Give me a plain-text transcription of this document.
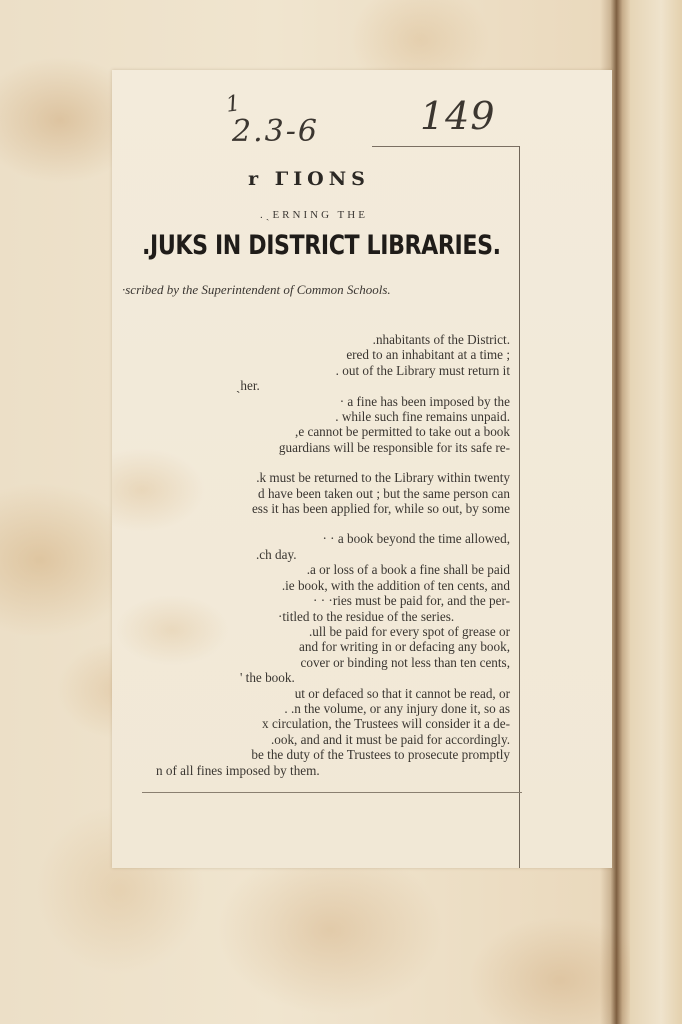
1
2.3-6	149
r ΓIONS
.ˏERNING THE
.JUKS IN DISTRICT LIBRARIES.
·scribed by the Superintendent of Common Schools.
.nhabitants of the District.
ered to an inhabitant at a time ;
. out of the Library must return it
ˏher.
· a fine has been imposed by the
. while such fine remains unpaid.
,e cannot be permitted to take out a book
guardians will be responsible for its safe re-
.k must be returned to the Library within twenty
d have been taken out ; but the same person can
ess it has been applied for, while so out, by some
· · a book beyond the time allowed,
.ch day.
.a or loss of a book a fine shall be paid
.ie book, with the addition of ten cents, and
· · ·ries must be paid for, and the per-
·titled to the residue of the series.
.ull be paid for every spot of grease or
and for writing in or defacing any book,
cover or binding not less than ten cents,
' the book.
ut or defaced so that it cannot be read, or
. .n the volume, or any injury done it, so as
x circulation, the Trustees will consider it a de-
.ook, and and it must be paid for accordingly.
be the duty of the Trustees to prosecute promptly
n of all fines imposed by them.
